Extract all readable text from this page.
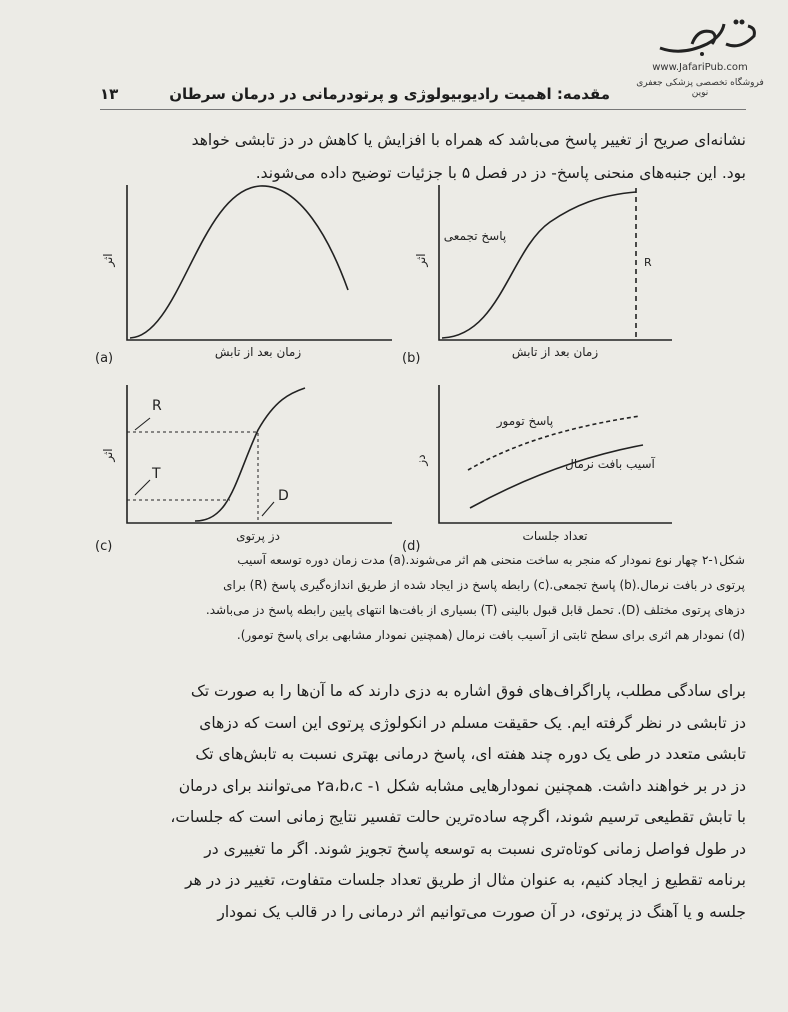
www.JafariPub.com
فروشگاه تخصصی پزشکی جعفری نوین
مقدمه: اهمیت رادیوبیولوژی و پرتودرمانی در درمان سرطان
۱۳
نشانه‌ای صریح از تغییر پاسخ می‌باشد که همراه با افزایش یا کاهش در دز تابشی خواهد
بود. این جنبه‌های منحنی پاسخ- دز در فصل ۵ با جزئیات توضیح داده می‌شوند.
(a)	زمان بعد از تابش
اثر
(b)	زمان بعد از تابش
اثر
پاسخ تجمعی
R
(c)
دز پرتوی
اثر
R
T
D
(d)
تعداد جلسات
دز
پاسخ تومور
آسیب بافت نرمال
شکل۱-۲ چهار نوع نمودار که منجر به ساخت منحنی هم اثر می‌شوند.(a) مدت زمان دوره توسعه آسیب
پرتوی در بافت نرمال.(b) پاسخ تجمعی.(c) رابطه پاسخ دز ایجاد شده از طریق اندازه‌گیری پاسخ (R) برای
دزهای پرتوی مختلف (D). تحمل قابل قبول بالینی (T) بسیاری از بافت‌ها انتهای پایین رابطه پاسخ دز می‌باشد.
(d) نمودار هم اثری برای سطح ثابتی از آسیب بافت نرمال (همچنین نمودار مشابهی برای پاسخ تومور).
برای سادگی مطلب، پاراگراف‌های فوق اشاره به دزی دارند که ما آن‌ها را به صورت تک
دز تابشی در نظر گرفته ایم. یک حقیقت مسلم در انکولوژی پرتوی این است که دزهای
تابشی متعدد در طی یک دوره چند هفته ای، پاسخ درمانی بهتری نسبت به تابش‌های تک
دز در بر خواهند داشت. همچنین نمودارهایی مشابه شکل ۱- ۲a،b،c می‌توانند برای درمان
با تابش تقطیعی ترسیم شوند، اگرچه ساده‌ترین حالت تفسیر نتایج زمانی است که جلسات،
در طول فواصل زمانی کوتاه‌تری نسبت به توسعه پاسخ تجویز شوند. اگر ما تغییری در
برنامه تقطیع ز ایجاد کنیم، به عنوان مثال از طریق تعداد جلسات متفاوت، تغییر دز در هر
جلسه و یا آهنگ دز پرتوی، در آن صورت می‌توانیم اثر درمانی را در قالب یک نمودار
